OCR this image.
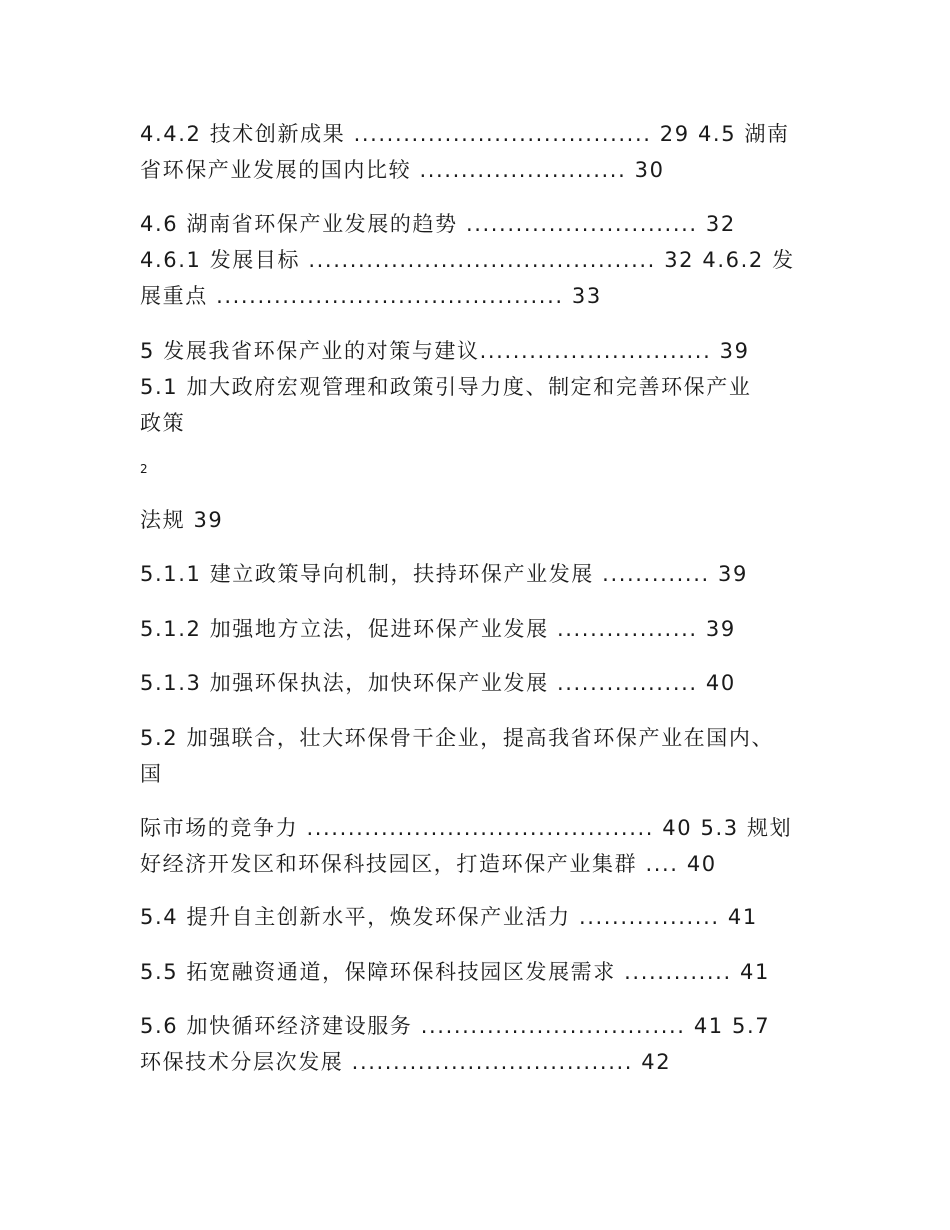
4.4.2 技术创新成果 .................................... 29 4.5 湖南
省环保产业发展的国内比较 ......................... 30
4.6 湖南省环保产业发展的趋势 ............................ 32
4.6.1 发展目标 .......................................... 32 4.6.2 发
展重点 .......................................... 33
5 发展我省环保产业的对策与建议............................ 39
5.1 加大政府宏观管理和政策引导力度、制定和完善环保产业
政策
2
法规 39
5.1.1 建立政策导向机制，扶持环保产业发展 ............. 39
5.1.2 加强地方立法，促进环保产业发展 ................. 39
5.1.3 加强环保执法，加快环保产业发展 ................. 40
5.2 加强联合，壮大环保骨干企业，提高我省环保产业在国内、
国
际市场的竞争力 .......................................... 40 5.3 规划
好经济开发区和环保科技园区，打造环保产业集群 .... 40
5.4 提升自主创新水平，焕发环保产业活力 ................. 41
5.5 拓宽融资通道，保障环保科技园区发展需求 ............. 41
5.6 加快循环经济建设服务 ................................ 41 5.7
环保技术分层次发展 .................................. 42
